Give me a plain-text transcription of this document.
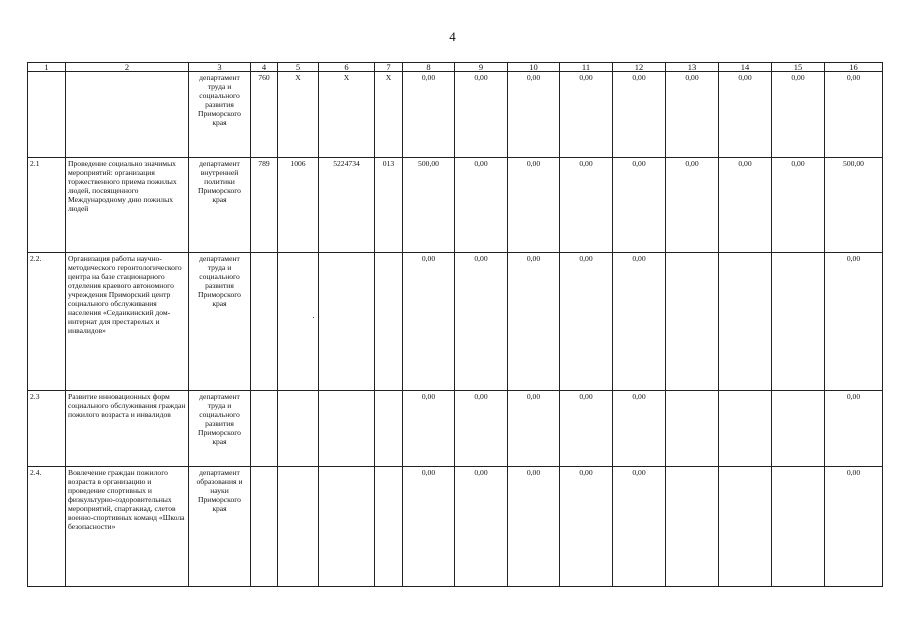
4
1	2	3	4	5	6	7	8	9	10	11	12	13	14	15	16
		департамент труда и социального развития Приморского края	760	X	X	X	0,00	0,00	0,00	0,00	0,00	0,00	0,00	0,00	0,00
2.1	Проведение социально значимых мероприятий: организация торжественного приема пожилых людей, посвященного Международному дню пожилых людей	департамент внутренней политики Приморского края	789	1006	5224734	013	500,00	0,00	0,00	0,00	0,00	0,00	0,00	0,00	500,00
2.2.	Организация работы научно-методического геронтологического центра на базе стационарного отделения краевого автономного учреждения Приморский центр социального обслуживания населения «Седанкинский дом-интернат для престарелых и инвалидов»	департамент труда и социального развития Приморского края					0,00	0,00	0,00	0,00	0,00				0,00
2.3	Развитие инновационных форм социального обслуживания граждан пожилого возраста и инвалидов	департамент труда и социального развития Приморского края					0,00	0,00	0,00	0,00	0,00				0,00
2.4.	Вовлечение граждан пожилого возраста в организацию и проведение спортивных и физкультурно-оздоровительных мероприятий, спартакиад, слетов военно-спортивных команд «Школа безопасности»	департамент образования и науки Приморского края					0,00	0,00	0,00	0,00	0,00				0,00
